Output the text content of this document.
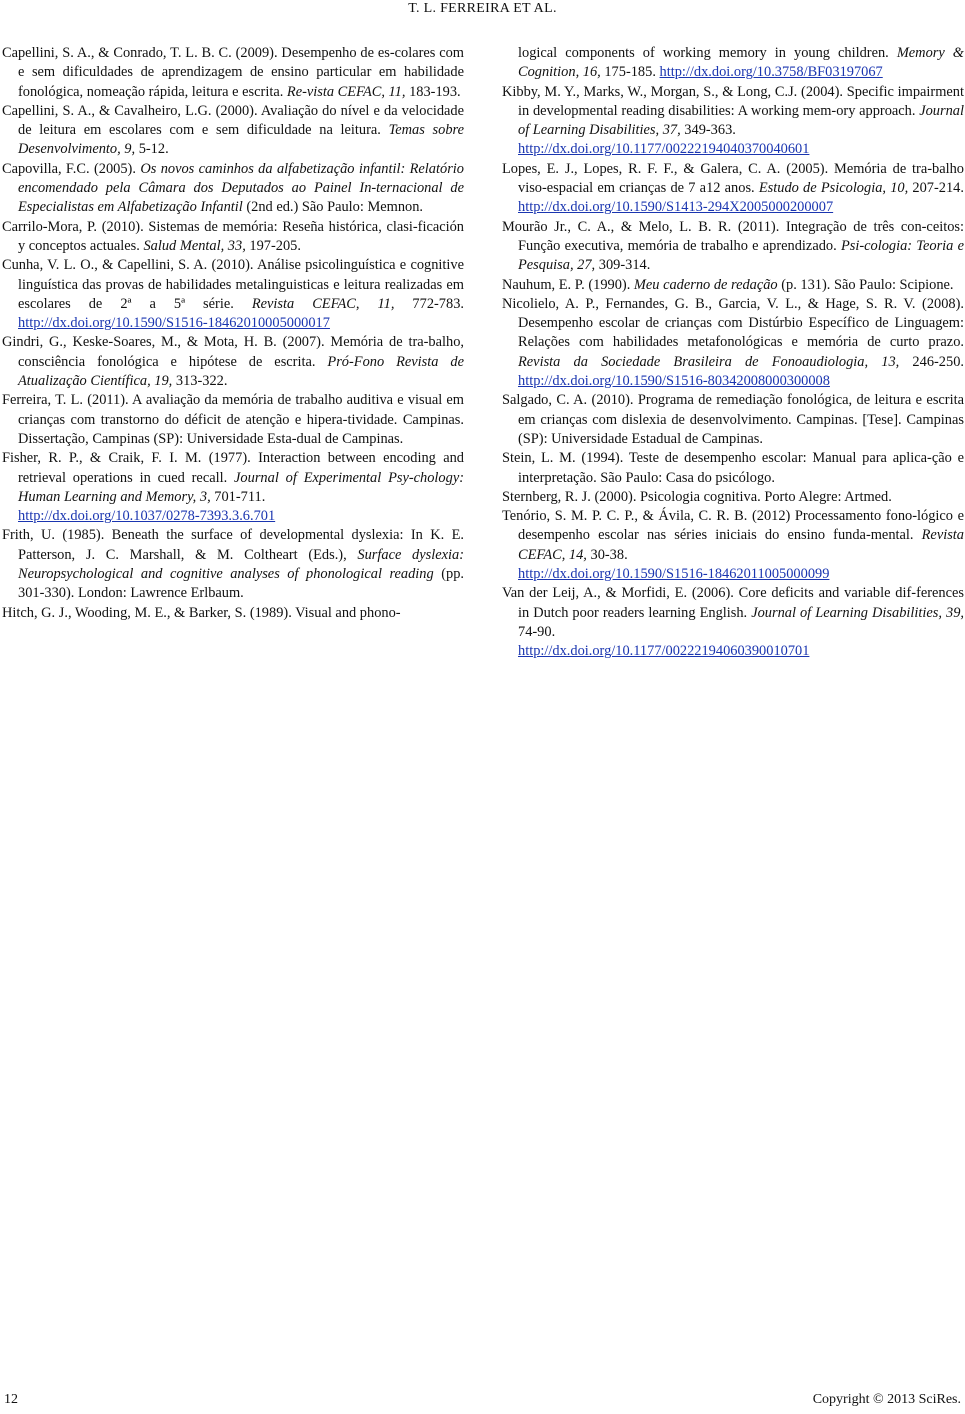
T. L. FERREIRA ET AL.

Capellini, S. A., & Conrado, T. L. B. C. (2009). Desempenho de es-colares com e sem dificuldades de aprendizagem de ensino particular em habilidade fonológica, nomeação rápida, leitura e escrita. Re-vista CEFAC, 11, 183-193.

Capellini, S. A., & Cavalheiro, L.G. (2000). Avaliação do nível e da velocidade de leitura em escolares com e sem dificuldade na leitura. Temas sobre Desenvolvimento, 9, 5-12.

Capovilla, F.C. (2005). Os novos caminhos da alfabetização infantil: Relatório encomendado pela Câmara dos Deputados ao Painel In-ternacional de Especialistas em Alfabetização Infantil (2nd ed.) São Paulo: Memnon.

Carrilo-Mora, P. (2010). Sistemas de memória: Reseña histórica, clasi-ficación y conceptos actuales. Salud Mental, 33, 197-205.

Cunha, V. L. O., & Capellini, S. A. (2010). Análise psicolinguística e cognitive linguística das provas de habilidades metalinguisticas e leitura realizadas em escolares de 2ª a 5ª série. Revista CEFAC, 11, 772-783. http://dx.doi.org/10.1590/S1516-18462010005000017

Gindri, G., Keske-Soares, M., & Mota, H. B. (2007). Memória de tra-balho, consciência fonológica e hipótese de escrita. Pró-Fono Revista de Atualização Científica, 19, 313-322.

Ferreira, T. L. (2011). A avaliação da memória de trabalho auditiva e visual em crianças com transtorno do déficit de atenção e hipera-tividade. Campinas. Dissertação, Campinas (SP): Universidade Esta-dual de Campinas.

Fisher, R. P., & Craik, F. I. M. (1977). Interaction between encoding and retrieval operations in cued recall. Journal of Experimental Psy-chology: Human Learning and Memory, 3, 701-711.

http://dx.doi.org/10.1037/0278-7393.3.6.701

Frith, U. (1985). Beneath the surface of developmental dyslexia: In K. E. Patterson, J. C. Marshall, & M. Coltheart (Eds.), Surface dyslexia: Neuropsychological and cognitive analyses of phonological reading (pp. 301-330). London: Lawrence Erlbaum.

Hitch, G. J., Wooding, M. E., & Barker, S. (1989). Visual and phono-

logical components of working memory in young children. Memory & Cognition, 16, 175-185. http://dx.doi.org/10.3758/BF03197067

Kibby, M. Y., Marks, W., Morgan, S., & Long, C.J. (2004). Specific impairment in developmental reading disabilities: A working mem-ory approach. Journal of Learning Disabilities, 37, 349-363.

http://dx.doi.org/10.1177/00222194040370040601

Lopes, E. J., Lopes, R. F. F., & Galera, C. A. (2005). Memória de tra-balho viso-espacial em crianças de 7 a12 anos. Estudo de Psicologia, 10, 207-214. http://dx.doi.org/10.1590/S1413-294X2005000200007

Mourão Jr., C. A., & Melo, L. B. R. (2011). Integração de três con-ceitos: Função executiva, memória de trabalho e aprendizado. Psi-cologia: Teoria e Pesquisa, 27, 309-314.

Nauhum, E. P. (1990). Meu caderno de redação (p. 131). São Paulo: Scipione.

Nicolielo, A. P., Fernandes, G. B., Garcia, V. L., & Hage, S. R. V. (2008). Desempenho escolar de crianças com Distúrbio Específico de Linguagem: Relações com habilidades metafonológicas e memória de curto prazo. Revista da Sociedade Brasileira de Fonoaudiologia, 13, 246-250. http://dx.doi.org/10.1590/S1516-80342008000300008

Salgado, C. A. (2010). Programa de remediação fonológica, de leitura e escrita em crianças com dislexia de desenvolvimento. Campinas. [Tese]. Campinas (SP): Universidade Estadual de Campinas.

Stein, L. M. (1994). Teste de desempenho escolar: Manual para aplica-ção e interpretação. São Paulo: Casa do psicólogo.

Sternberg, R. J. (2000). Psicologia cognitiva. Porto Alegre: Artmed.

Tenório, S. M. P. C. P., & Ávila, C. R. B. (2012) Processamento fono-lógico e desempenho escolar nas séries iniciais do ensino funda-mental. Revista CEFAC, 14, 30-38.

http://dx.doi.org/10.1590/S1516-18462011005000099

Van der Leij, A., & Morfidi, E. (2006). Core deficits and variable dif-ferences in Dutch poor readers learning English. Journal of Learning Disabilities, 39, 74-90.

http://dx.doi.org/10.1177/00222194060390010701

12	Copyright © 2013 SciRes.
